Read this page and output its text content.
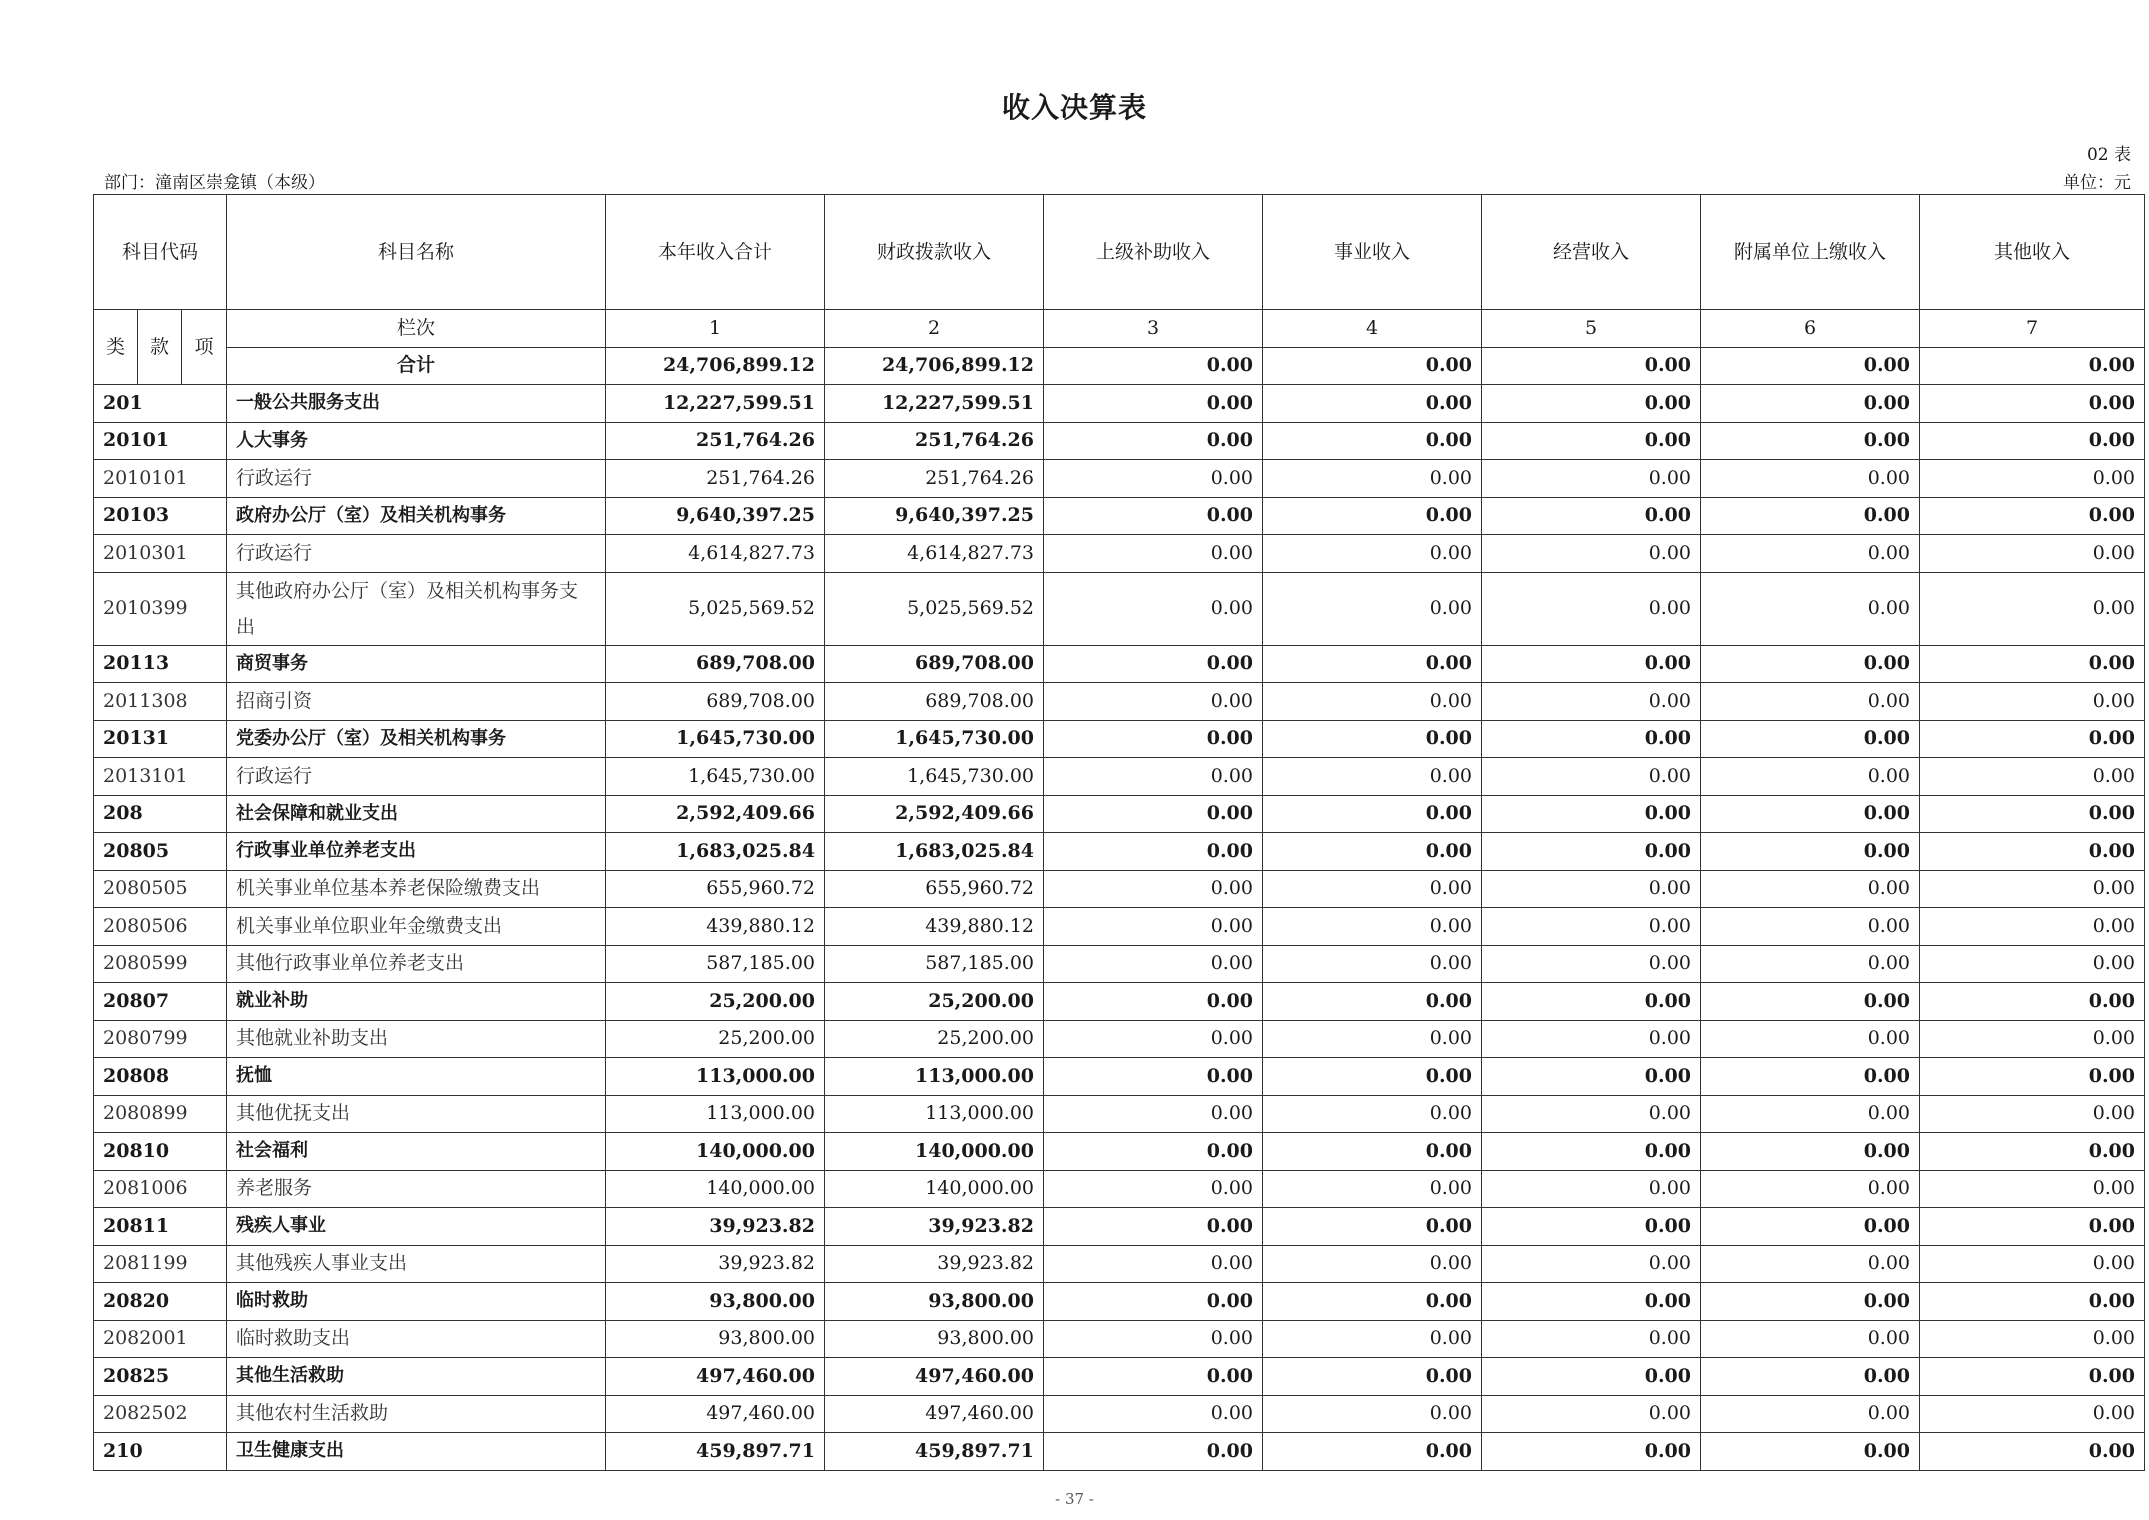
收入决算表
02 表
部门：潼南区崇龛镇（本级）	单位：元
科目代码			科目名称	本年收入合计	财政拨款收入	上级补助收入	事业收入	经营收入	附属单位上缴收入	其他收入
类	款	项	栏次	1	2	3	4	5	6	7
			合计	24,706,899.12	24,706,899.12	0.00	0.00	0.00	0.00	0.00
201			一般公共服务支出	12,227,599.51	12,227,599.51	0.00	0.00	0.00	0.00	0.00
20101			人大事务	251,764.26	251,764.26	0.00	0.00	0.00	0.00	0.00
2010101			行政运行	251,764.26	251,764.26	0.00	0.00	0.00	0.00	0.00
20103			政府办公厅（室）及相关机构事务	9,640,397.25	9,640,397.25	0.00	0.00	0.00	0.00	0.00
2010301			行政运行	4,614,827.73	4,614,827.73	0.00	0.00	0.00	0.00	0.00
2010399			其他政府办公厅（室）及相关机构事务支出	5,025,569.52	5,025,569.52	0.00	0.00	0.00	0.00	0.00
20113			商贸事务	689,708.00	689,708.00	0.00	0.00	0.00	0.00	0.00
2011308			招商引资	689,708.00	689,708.00	0.00	0.00	0.00	0.00	0.00
20131			党委办公厅（室）及相关机构事务	1,645,730.00	1,645,730.00	0.00	0.00	0.00	0.00	0.00
2013101			行政运行	1,645,730.00	1,645,730.00	0.00	0.00	0.00	0.00	0.00
208			社会保障和就业支出	2,592,409.66	2,592,409.66	0.00	0.00	0.00	0.00	0.00
20805			行政事业单位养老支出	1,683,025.84	1,683,025.84	0.00	0.00	0.00	0.00	0.00
2080505			机关事业单位基本养老保险缴费支出	655,960.72	655,960.72	0.00	0.00	0.00	0.00	0.00
2080506			机关事业单位职业年金缴费支出	439,880.12	439,880.12	0.00	0.00	0.00	0.00	0.00
2080599			其他行政事业单位养老支出	587,185.00	587,185.00	0.00	0.00	0.00	0.00	0.00
20807			就业补助	25,200.00	25,200.00	0.00	0.00	0.00	0.00	0.00
2080799			其他就业补助支出	25,200.00	25,200.00	0.00	0.00	0.00	0.00	0.00
20808			抚恤	113,000.00	113,000.00	0.00	0.00	0.00	0.00	0.00
2080899			其他优抚支出	113,000.00	113,000.00	0.00	0.00	0.00	0.00	0.00
20810			社会福利	140,000.00	140,000.00	0.00	0.00	0.00	0.00	0.00
2081006			养老服务	140,000.00	140,000.00	0.00	0.00	0.00	0.00	0.00
20811			残疾人事业	39,923.82	39,923.82	0.00	0.00	0.00	0.00	0.00
2081199			其他残疾人事业支出	39,923.82	39,923.82	0.00	0.00	0.00	0.00	0.00
20820			临时救助	93,800.00	93,800.00	0.00	0.00	0.00	0.00	0.00
2082001			临时救助支出	93,800.00	93,800.00	0.00	0.00	0.00	0.00	0.00
20825			其他生活救助	497,460.00	497,460.00	0.00	0.00	0.00	0.00	0.00
2082502			其他农村生活救助	497,460.00	497,460.00	0.00	0.00	0.00	0.00	0.00
210			卫生健康支出	459,897.71	459,897.71	0.00	0.00	0.00	0.00	0.00
- 37 -
